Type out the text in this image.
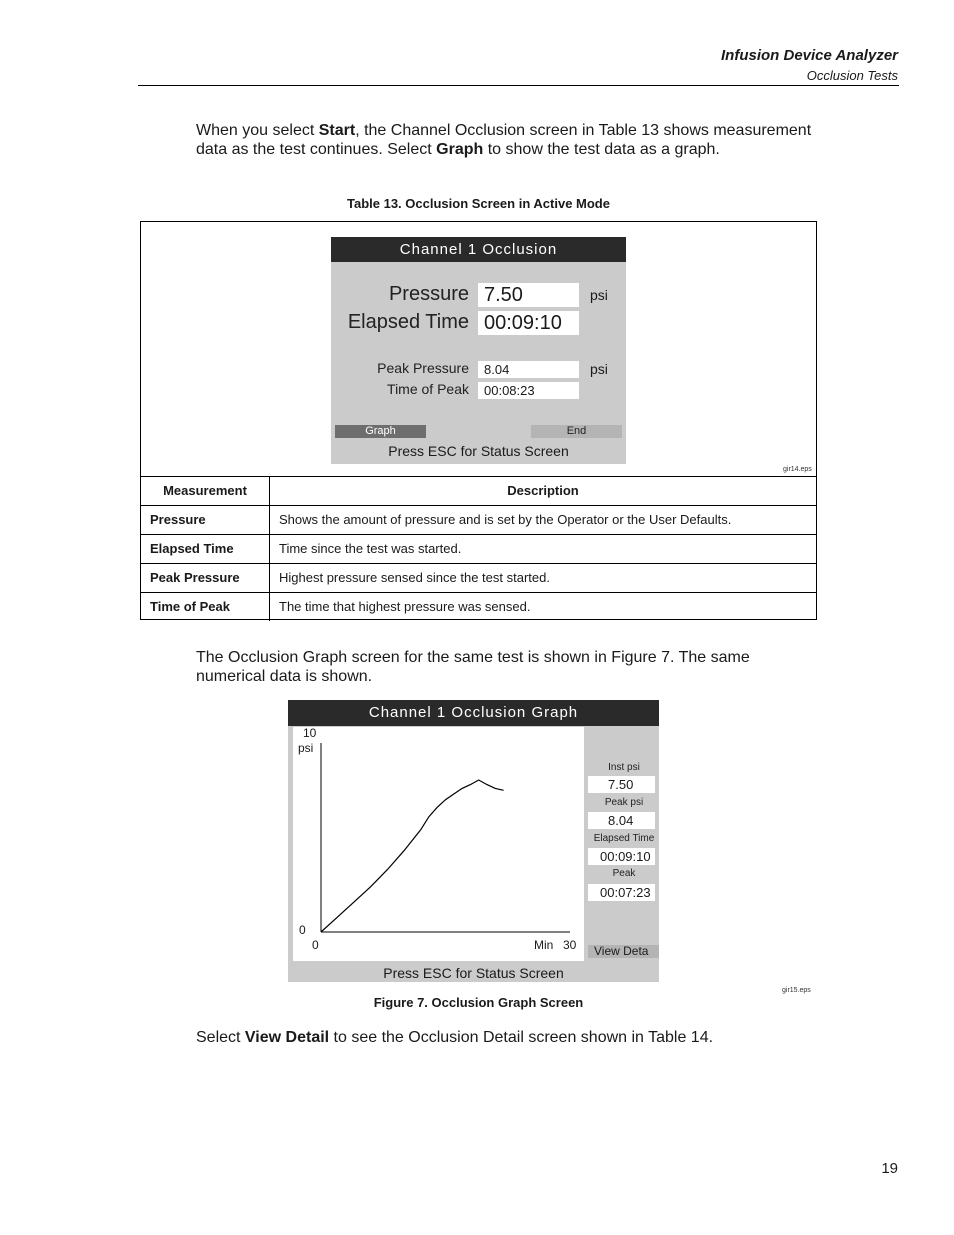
Infusion Device Analyzer
Occlusion Tests
When you select Start, the Channel Occlusion screen in Table 13 shows measurement data as the test continues. Select Graph to show the test data as a graph.
Table 13. Occlusion Screen in Active Mode
Measurement	Description
Pressure	Shows the amount of pressure and is set by the Operator or the User Defaults.
Elapsed Time	Time since the test was started.
Peak Pressure	Highest pressure sensed since the test started.
Time of Peak	The time that highest pressure was sensed.
Channel 1 Occlusion
Pressure 7.50	psi
Elapsed Time 00:09:10
Peak Pressure	8.04	psi
Time of Peak	00:08:23
Graph	End
Press ESC for Status Screen
gir14.eps
The Occlusion Graph screen for the same test is shown in Figure 7. The same numerical data is shown.
Channel 1 Occlusion Graph
10
psi
0
0	Min 30
Inst psi
7.50
Peak psi
8.04
Elapsed Time
00:09:10
Peak
00:07:23
View Deta
Press ESC for Status Screen
gir15.eps
Figure 7. Occlusion Graph Screen
Select View Detail to see the Occlusion Detail screen shown in Table 14.
19
